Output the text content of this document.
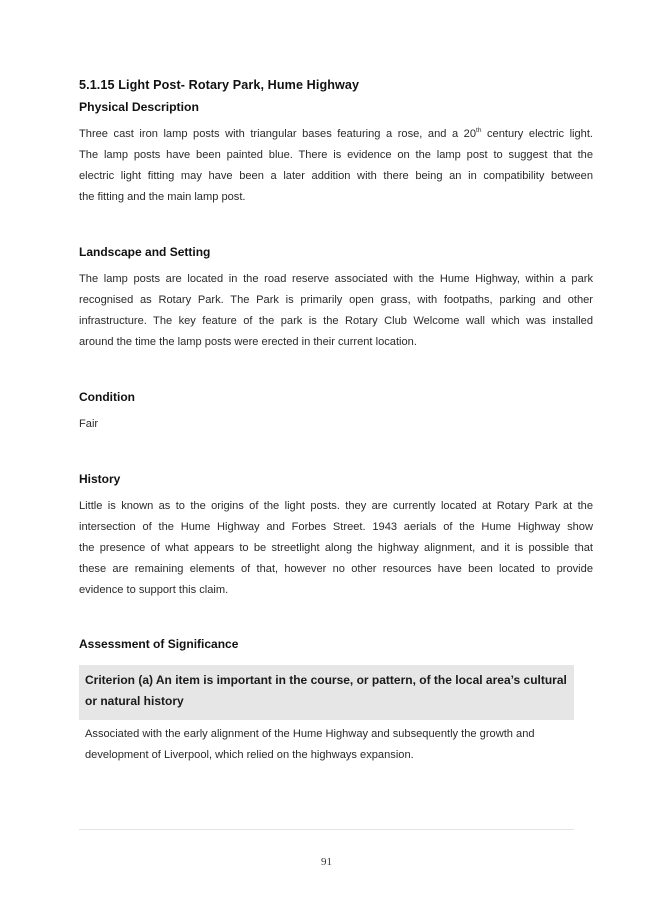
5.1.15 Light Post- Rotary Park, Hume Highway

Physical Description

Three cast iron lamp posts with triangular bases featuring a rose, and a 20th century electric light.
The lamp posts have been painted blue. There is evidence on the lamp post to suggest that the
electric light fitting may have been a later addition with there being an in compatibility between
the fitting and the main lamp post.

Landscape and Setting

The lamp posts are located in the road reserve associated with the Hume Highway, within a park
recognised as Rotary Park. The Park is primarily open grass, with footpaths, parking and other
infrastructure. The key feature of the park is the Rotary Club Welcome wall which was installed
around the time the lamp posts were erected in their current location.

Condition

Fair

History

Little is known as to the origins of the light posts. they are currently located at Rotary Park at the
intersection of the Hume Highway and Forbes Street. 1943 aerials of the Hume Highway show
the presence of what appears to be streetlight along the highway alignment, and it is possible that
these are remaining elements of that, however no other resources have been located to provide
evidence to support this claim.

Assessment of Significance

Criterion (a) An item is important in the course, or pattern, of the local area’s cultural or natural history

Associated with the early alignment of the Hume Highway and subsequently the growth and
development of Liverpool, which relied on the highways expansion.
91
